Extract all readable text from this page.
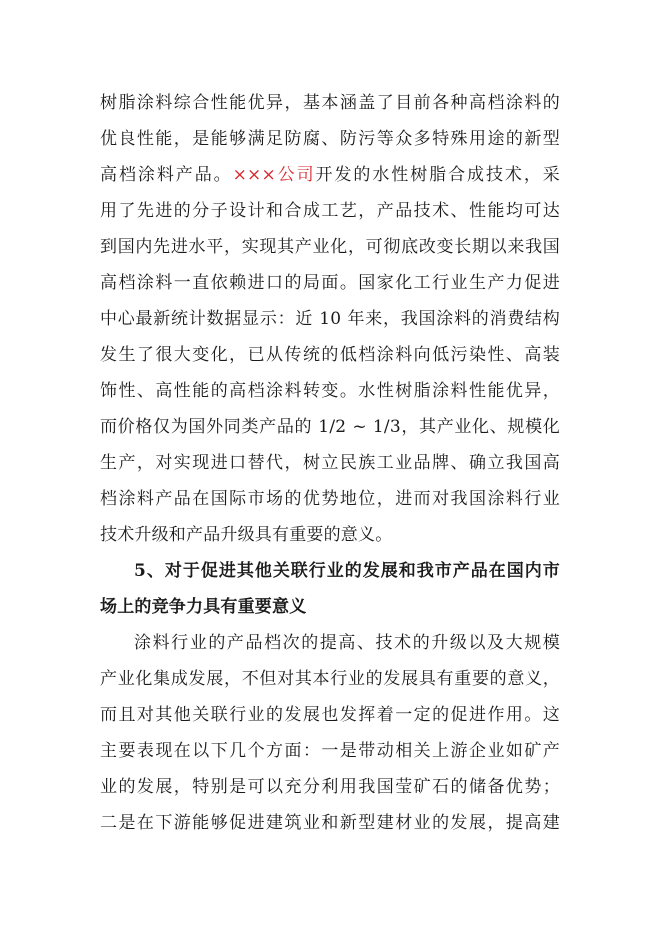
树脂涂料综合性能优异，基本涵盖了目前各种高档涂料的
优良性能，是能够满足防腐、防污等众多特殊用途的新型
高档涂料产品。×××公司开发的水性树脂合成技术，采
用了先进的分子设计和合成工艺，产品技术、性能均可达
到国内先进水平，实现其产业化，可彻底改变长期以来我国
高档涂料一直依赖进口的局面。国家化工行业生产力促进
中心最新统计数据显示：近 10 年来，我国涂料的消费结构
发生了很大变化，已从传统的低档涂料向低污染性、高装
饰性、高性能的高档涂料转变。水性树脂涂料性能优异，
而价格仅为国外同类产品的 1/2 ~ 1/3，其产业化、规模化
生产，对实现进口替代，树立民族工业品牌、确立我国高
档涂料产品在国际市场的优势地位，进而对我国涂料行业
技术升级和产品升级具有重要的意义。
5、对于促进其他关联行业的发展和我市产品在国内市
场上的竞争力具有重要意义
涂料行业的产品档次的提高、技术的升级以及大规模
产业化集成发展，不但对其本行业的发展具有重要的意义，
而且对其他关联行业的发展也发挥着一定的促进作用。这
主要表现在以下几个方面：一是带动相关上游企业如矿产
业的发展，特别是可以充分利用我国莹矿石的储备优势；
二是在下游能够促进建筑业和新型建材业的发展，提高建
